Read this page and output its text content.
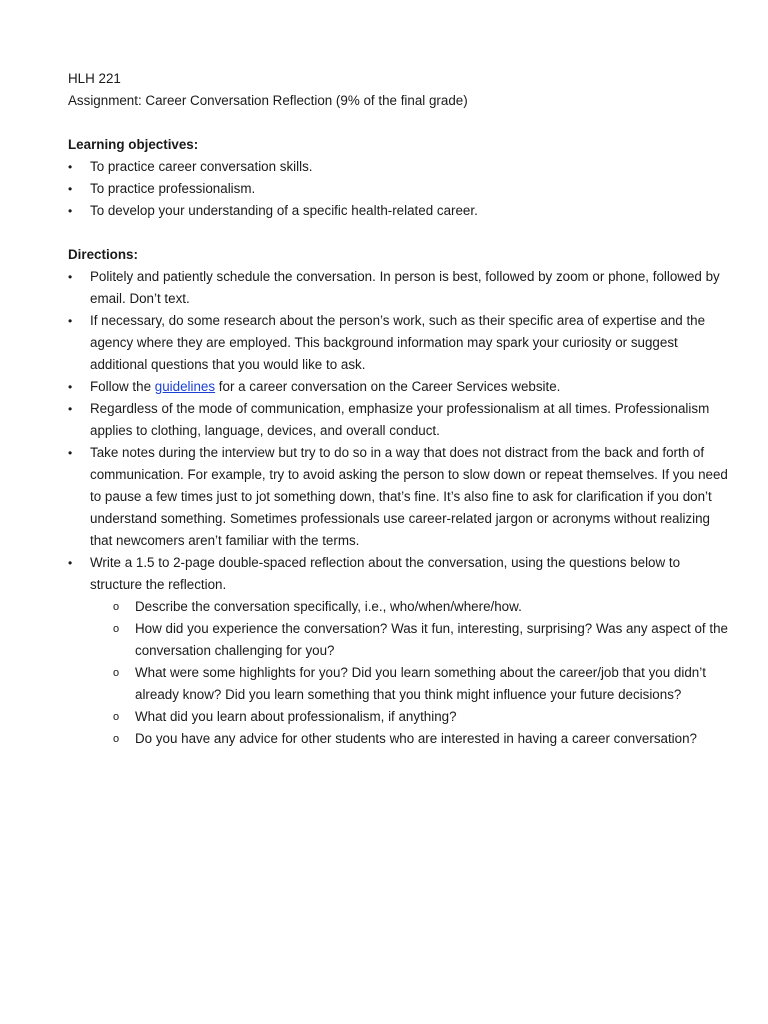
HLH 221

Assignment: Career Conversation Reflection (9% of the final grade)

Learning objectives:

•	To practice career conversation skills.
•	To practice professionalism.
•	To develop your understanding of a specific health-related career.

Directions:

•	Politely and patiently schedule the conversation. In person is best, followed by zoom or phone, followed by email. Don’t text.
•	If necessary, do some research about the person’s work, such as their specific area of expertise and the agency where they are employed. This background information may spark your curiosity or suggest additional questions that you would like to ask.
•	Follow the guidelines for a career conversation on the Career Services website.
•	Regardless of the mode of communication, emphasize your professionalism at all times. Professionalism applies to clothing, language, devices, and overall conduct.
•	Take notes during the interview but try to do so in a way that does not distract from the back and forth of communication. For example, try to avoid asking the person to slow down or repeat themselves. If you need to pause a few times just to jot something down, that’s fine. It’s also fine to ask for clarification if you don’t understand something. Sometimes professionals use career-related jargon or acronyms without realizing that newcomers aren’t familiar with the terms.
•	Write a 1.5 to 2-page double-spaced reflection about the conversation, using the questions below to structure the reflection.
o Describe the conversation specifically, i.e., who/when/where/how.
o How did you experience the conversation? Was it fun, interesting, surprising? Was any aspect of the conversation challenging for you?
o What were some highlights for you? Did you learn something about the career/job that you didn’t already know? Did you learn something that you think might influence your future decisions?
o What did you learn about professionalism, if anything?
o Do you have any advice for other students who are interested in having a career conversation?
